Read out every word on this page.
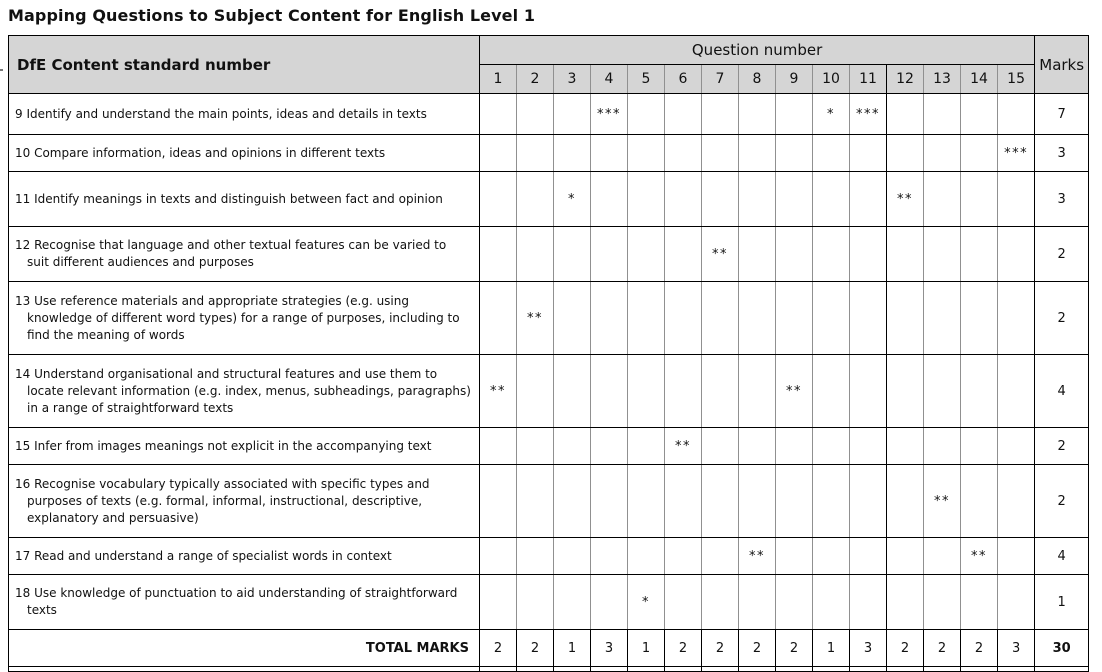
Mapping Questions to Subject Content for English Level 1
DfE Content standard number	Question number															Marks
	1	2	3	4	5	6	7	8	9	10	11	12	13	14	15	
9 Identify and understand the main points, ideas and details in texts				***						*	***					7
10 Compare information, ideas and opinions in different texts															***	3
11 Identify meanings in texts and distinguish between fact and opinion			*									**				3
12 Recognise that language and other textual features can be varied to suit different audiences and purposes							**									2
13 Use reference materials and appropriate strategies (e.g. using knowledge of different word types) for a range of purposes, including to find the meaning of words		**														2
14 Understand organisational and structural features and use them to locate relevant information (e.g. index, menus, subheadings, paragraphs) in a range of straightforward texts	**								**							4
15 Infer from images meanings not explicit in the accompanying text						**										2
16 Recognise vocabulary typically associated with specific types and purposes of texts (e.g. formal, informal, instructional, descriptive, explanatory and persuasive)													**			2
17 Read and understand a range of specialist words in context								**						**		4
18 Use knowledge of punctuation to aid understanding of straightforward texts					*											1
TOTAL MARKS	2	2	1	3	1	2	2	2	2	1	3	2	2	2	3	30
